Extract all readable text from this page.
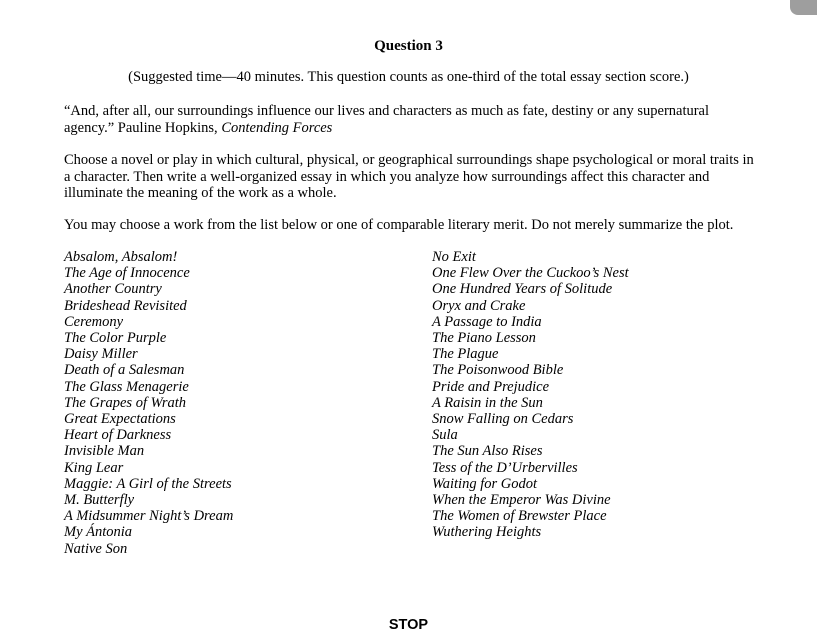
Question 3

(Suggested time—40 minutes. This question counts as one-third of the total essay section score.)

“And, after all, our surroundings influence our lives and characters as much as fate, destiny or any supernatural agency.” Pauline Hopkins, Contending Forces

Choose a novel or play in which cultural, physical, or geographical surroundings shape psychological or moral traits in a character. Then write a well-organized essay in which you analyze how surroundings affect this character and illuminate the meaning of the work as a whole.

You may choose a work from the list below or one of comparable literary merit. Do not merely summarize the plot.

Absalom, Absalom!
The Age of Innocence
Another Country
Brideshead Revisited
Ceremony
The Color Purple
Daisy Miller
Death of a Salesman
The Glass Menagerie
The Grapes of Wrath
Great Expectations
Heart of Darkness
Invisible Man
King Lear
Maggie: A Girl of the Streets
M. Butterfly
A Midsummer Night’s Dream
My Ántonia
Native Son
No Exit
One Flew Over the Cuckoo’s Nest
One Hundred Years of Solitude
Oryx and Crake
A Passage to India
The Piano Lesson
The Plague
The Poisonwood Bible
Pride and Prejudice
A Raisin in the Sun
Snow Falling on Cedars
Sula
The Sun Also Rises
Tess of the D’Urbervilles
Waiting for Godot
When the Emperor Was Divine
The Women of Brewster Place
Wuthering Heights

STOP
